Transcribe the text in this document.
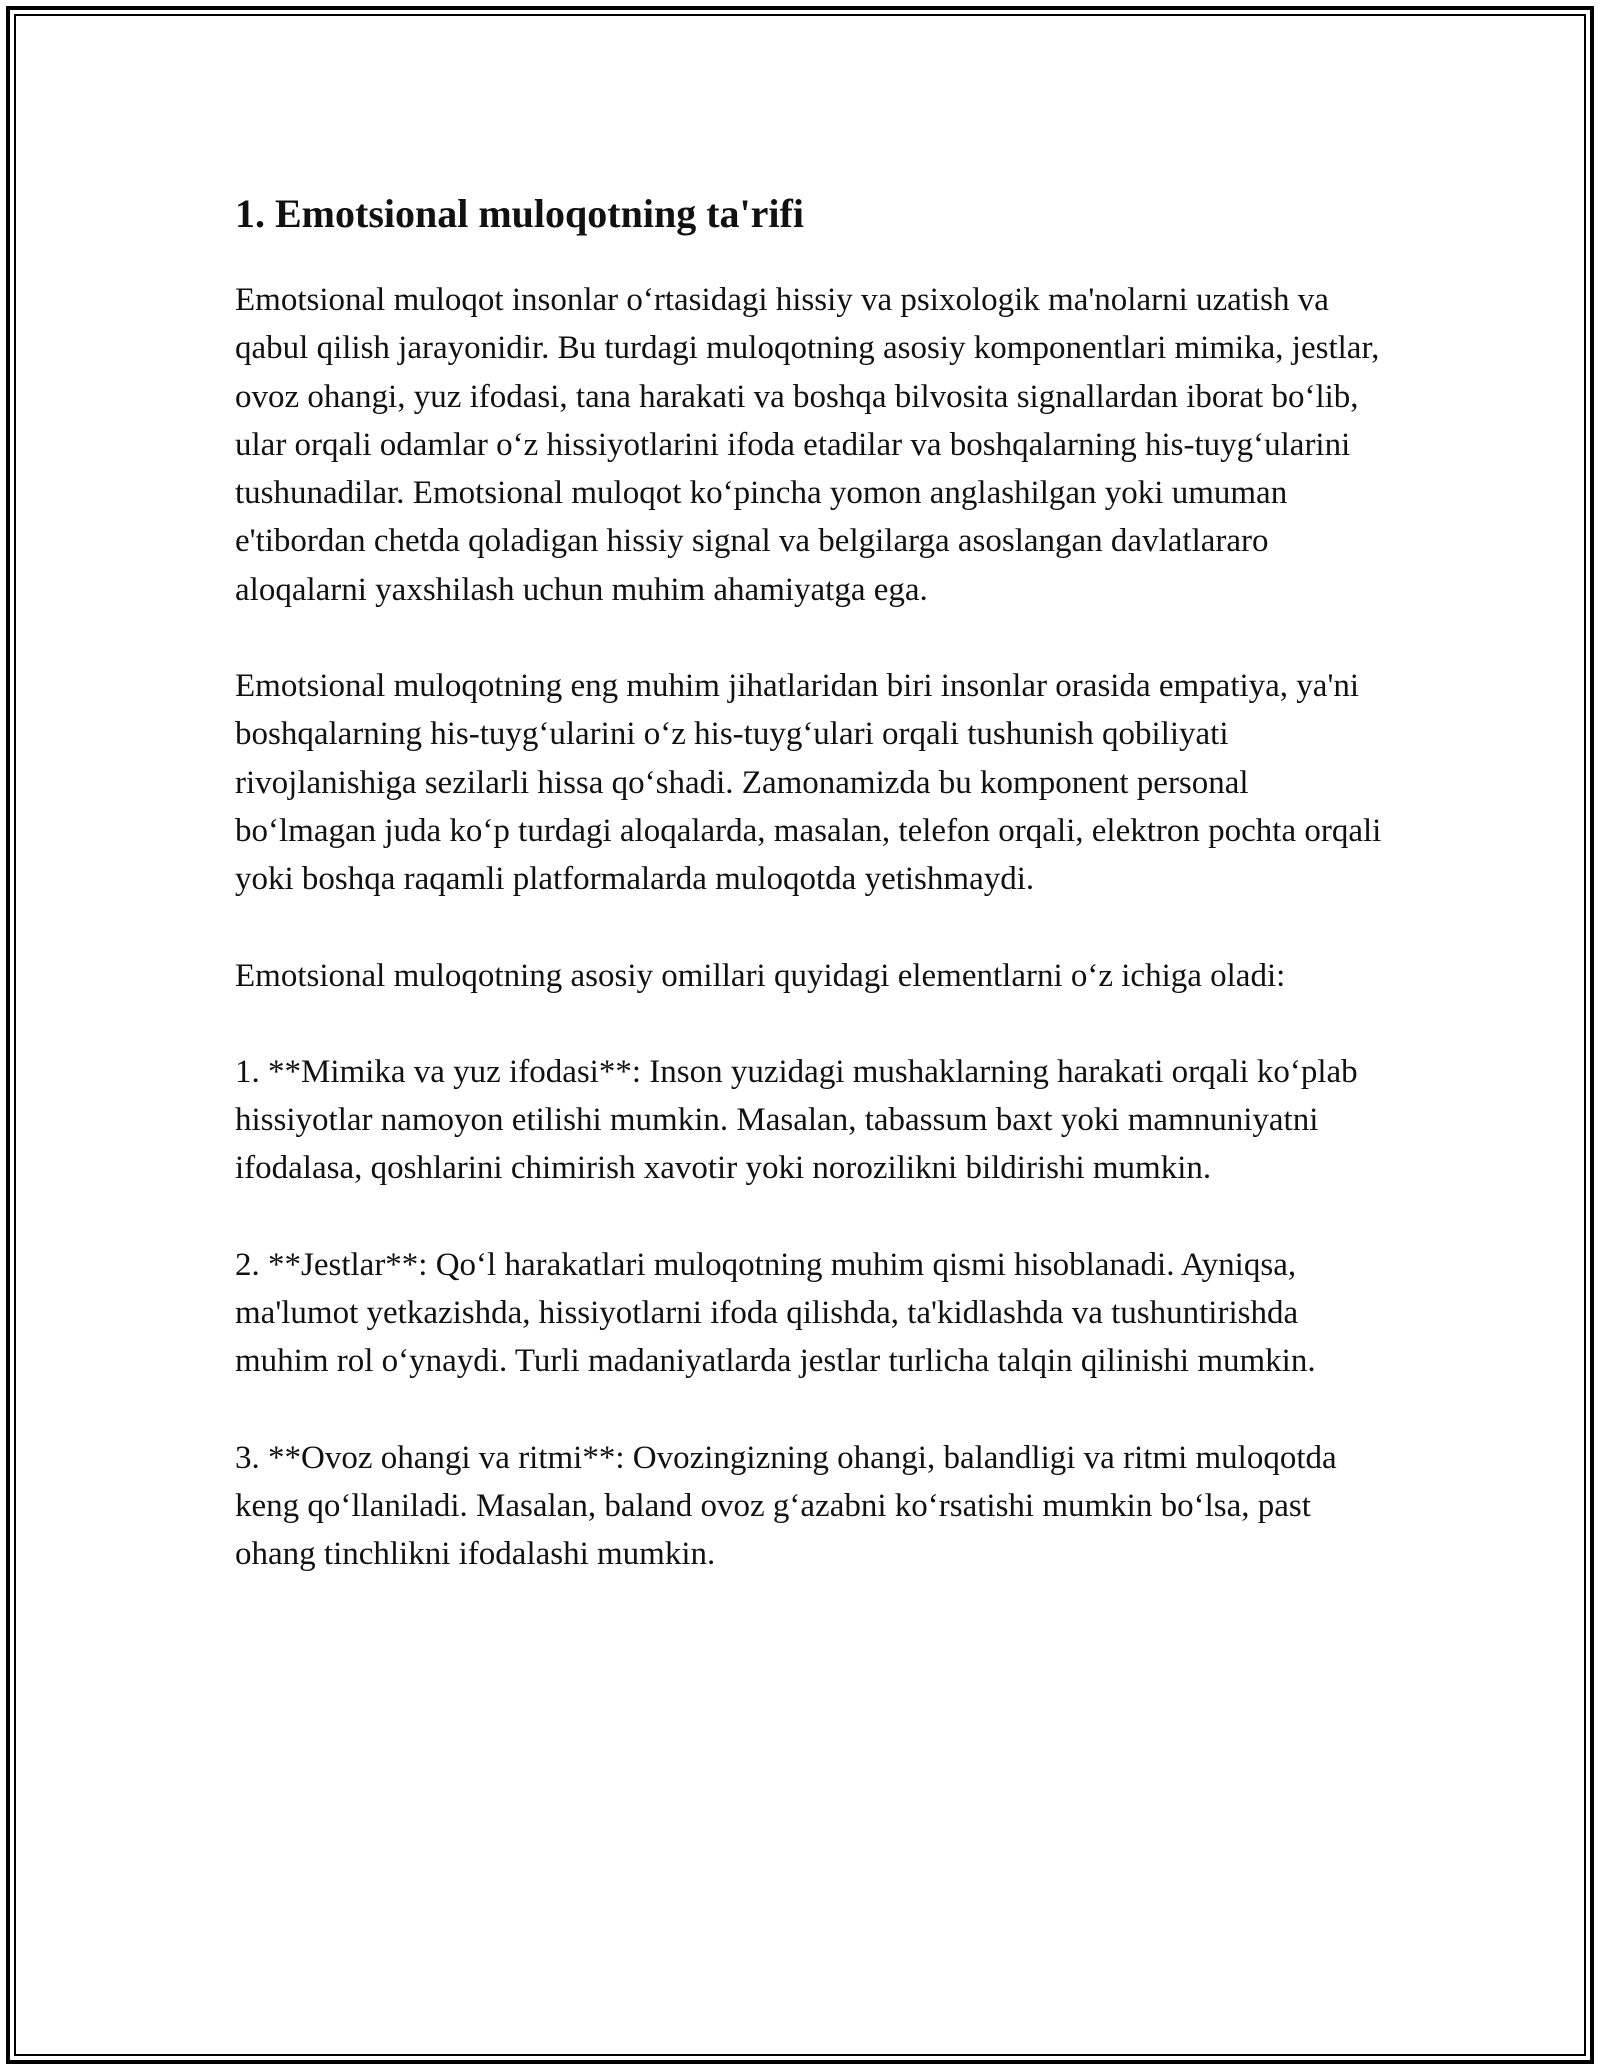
1. Emotsional muloqotning ta'rifi

Emotsional muloqot insonlar o‘rtasidagi hissiy va psixologik ma'nolarni uzatish va qabul qilish jarayonidir. Bu turdagi muloqotning asosiy komponentlari mimika, jestlar, ovoz ohangi, yuz ifodasi, tana harakati va boshqa bilvosita signallardan iborat bo‘lib, ular orqali odamlar o‘z hissiyotlarini ifoda etadilar va boshqalarning his-tuyg‘ularini tushunadilar. Emotsional muloqot ko‘pincha yomon anglashilgan yoki umuman e'tibordan chetda qoladigan hissiy signal va belgilarga asoslangan davlatlararo aloqalarni yaxshilash uchun muhim ahamiyatga ega.

Emotsional muloqotning eng muhim jihatlaridan biri insonlar orasida empatiya, ya'ni boshqalarning his-tuyg‘ularini o‘z his-tuyg‘ulari orqali tushunish qobiliyati rivojlanishiga sezilarli hissa qo‘shadi. Zamonamizda bu komponent personal bo‘lmagan juda ko‘p turdagi aloqalarda, masalan, telefon orqali, elektron pochta orqali yoki boshqa raqamli platformalarda muloqotda yetishmaydi.

Emotsional muloqotning asosiy omillari quyidagi elementlarni o‘z ichiga oladi:

1. **Mimika va yuz ifodasi**: Inson yuzidagi mushaklarning harakati orqali ko‘plab hissiyotlar namoyon etilishi mumkin. Masalan, tabassum baxt yoki mamnuniyatni ifodalasa, qoshlarini chimirish xavotir yoki norozilikni bildirishi mumkin.

2. **Jestlar**: Qo‘l harakatlari muloqotning muhim qismi hisoblanadi. Ayniqsa, ma'lumot yetkazishda, hissiyotlarni ifoda qilishda, ta'kidlashda va tushuntirishda muhim rol o‘ynaydi. Turli madaniyatlarda jestlar turlicha talqin qilinishi mumkin.

3. **Ovoz ohangi va ritmi**: Ovozingizning ohangi, balandligi va ritmi muloqotda keng qo‘llaniladi. Masalan, baland ovoz g‘azabni ko‘rsatishi mumkin bo‘lsa, past ohang tinchlikni ifodalashi mumkin.
